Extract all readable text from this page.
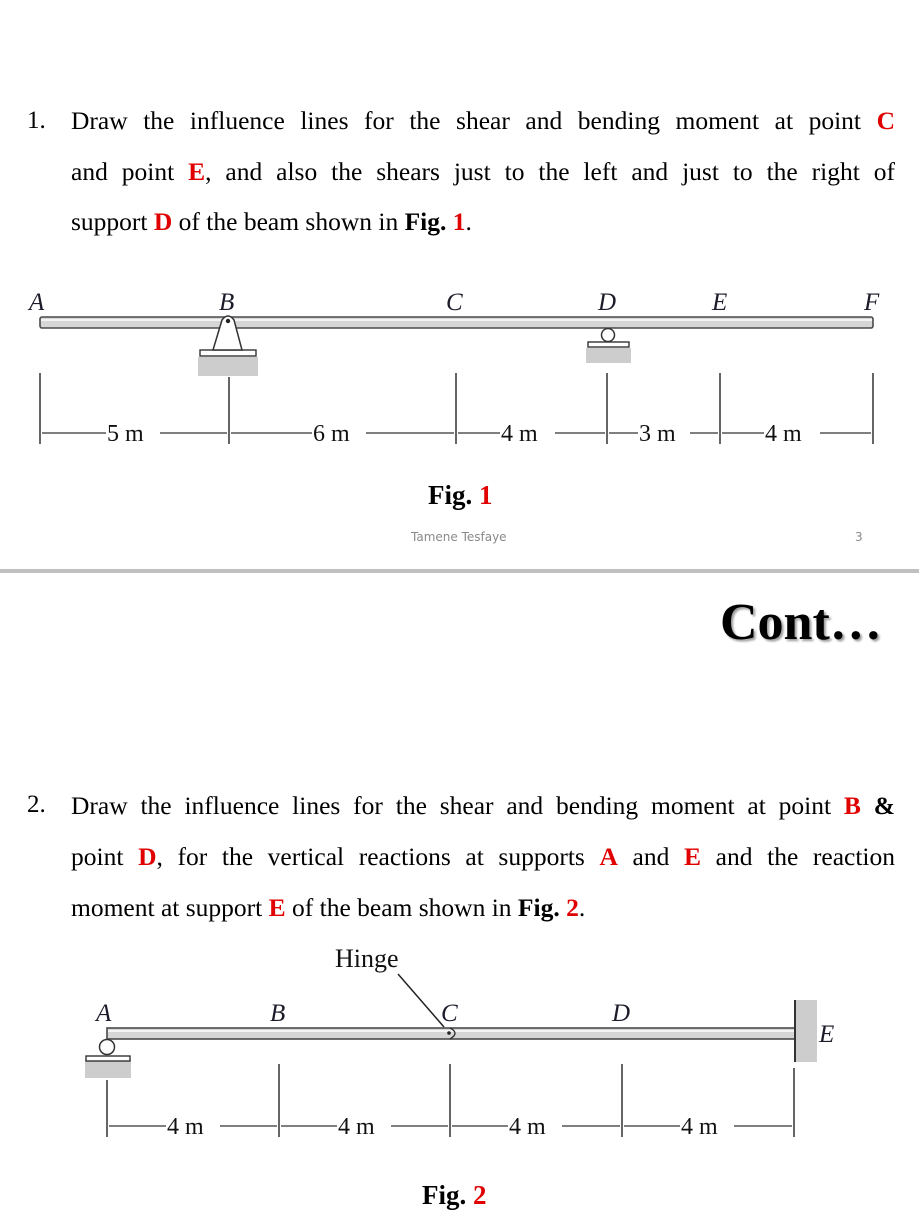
1. Draw the influence lines for the shear and bending moment at point C
and point E, and also the shears just to the left and just to the right of
support D of the beam shown in Fig. 1.
A	B	C	D	E	F
5 m	6 m	4 m	3 m	4 m
Fig. 1
Tamene Tesfaye	3
Cont…
2. Draw the influence lines for the shear and bending moment at point B &
point D, for the vertical reactions at supports A and E and the reaction
moment at support E of the beam shown in Fig. 2.
Hinge
A	B	C	D
E
4 m	4 m	4 m	4 m
Fig. 2
